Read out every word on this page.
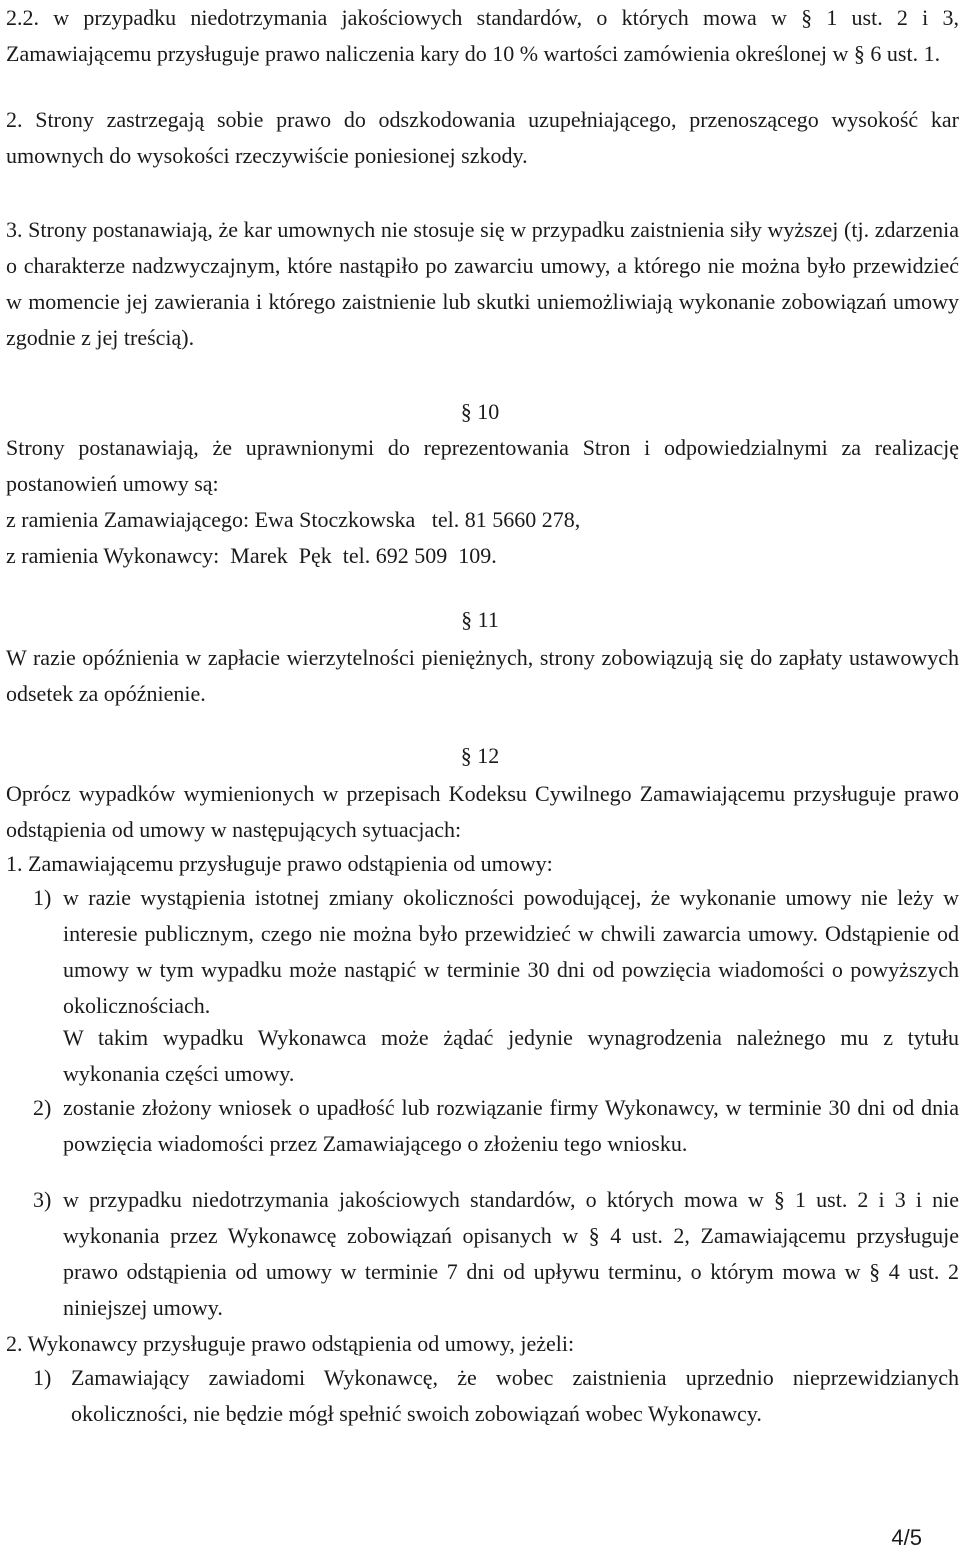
2.2. w przypadku niedotrzymania jakościowych standardów, o których mowa w § 1 ust. 2 i 3, Zamawiającemu przysługuje prawo naliczenia kary do 10 % wartości zamówienia określonej w § 6 ust. 1.
2. Strony zastrzegają sobie prawo do odszkodowania uzupełniającego, przenoszącego wysokość kar umownych do wysokości rzeczywiście poniesionej szkody.
3. Strony postanawiają, że kar umownych nie stosuje się w przypadku zaistnienia siły wyższej (tj. zdarzenia o charakterze nadzwyczajnym, które nastąpiło po zawarciu umowy, a którego nie można było przewidzieć w momencie jej zawierania i którego zaistnienie lub skutki uniemożliwiają wykonanie zobowiązań umowy zgodnie z jej treścią).
§ 10
Strony postanawiają, że uprawnionymi do reprezentowania Stron i odpowiedzialnymi za realizację postanowień umowy są:
z ramienia Zamawiającego: Ewa Stoczkowska   tel. 81 5660 278,
z ramienia Wykonawcy:  Marek  Pęk  tel. 692 509  109.
§ 11
W razie opóźnienia w zapłacie wierzytelności pieniężnych, strony zobowiązują się do zapłaty ustawowych odsetek za opóźnienie.
§ 12
Oprócz wypadków wymienionych w przepisach Kodeksu Cywilnego Zamawiającemu przysługuje prawo odstąpienia od umowy w następujących sytuacjach:
1. Zamawiającemu przysługuje prawo odstąpienia od umowy:
1) w razie wystąpienia istotnej zmiany okoliczności powodującej, że wykonanie umowy nie leży w interesie publicznym, czego nie można było przewidzieć w chwili zawarcia umowy. Odstąpienie od umowy w tym wypadku może nastąpić w terminie 30 dni od powzięcia wiadomości o powyższych okolicznościach.
W takim wypadku Wykonawca może żądać jedynie wynagrodzenia należnego mu z tytułu wykonania części umowy.
2) zostanie złożony wniosek o upadłość lub rozwiązanie firmy Wykonawcy, w terminie 30 dni od dnia powzięcia wiadomości przez Zamawiającego o złożeniu tego wniosku.
3) w przypadku niedotrzymania jakościowych standardów, o których mowa w § 1 ust. 2 i 3 i nie wykonania przez Wykonawcę zobowiązań opisanych w § 4 ust. 2, Zamawiającemu przysługuje prawo odstąpienia od umowy w terminie 7 dni od upływu terminu, o którym mowa w § 4 ust. 2 niniejszej umowy.
2. Wykonawcy przysługuje prawo odstąpienia od umowy, jeżeli:
1) Zamawiający zawiadomi Wykonawcę, że wobec zaistnienia uprzednio nieprzewidzianych okoliczności, nie będzie mógł spełnić swoich zobowiązań wobec Wykonawcy.
4/5
